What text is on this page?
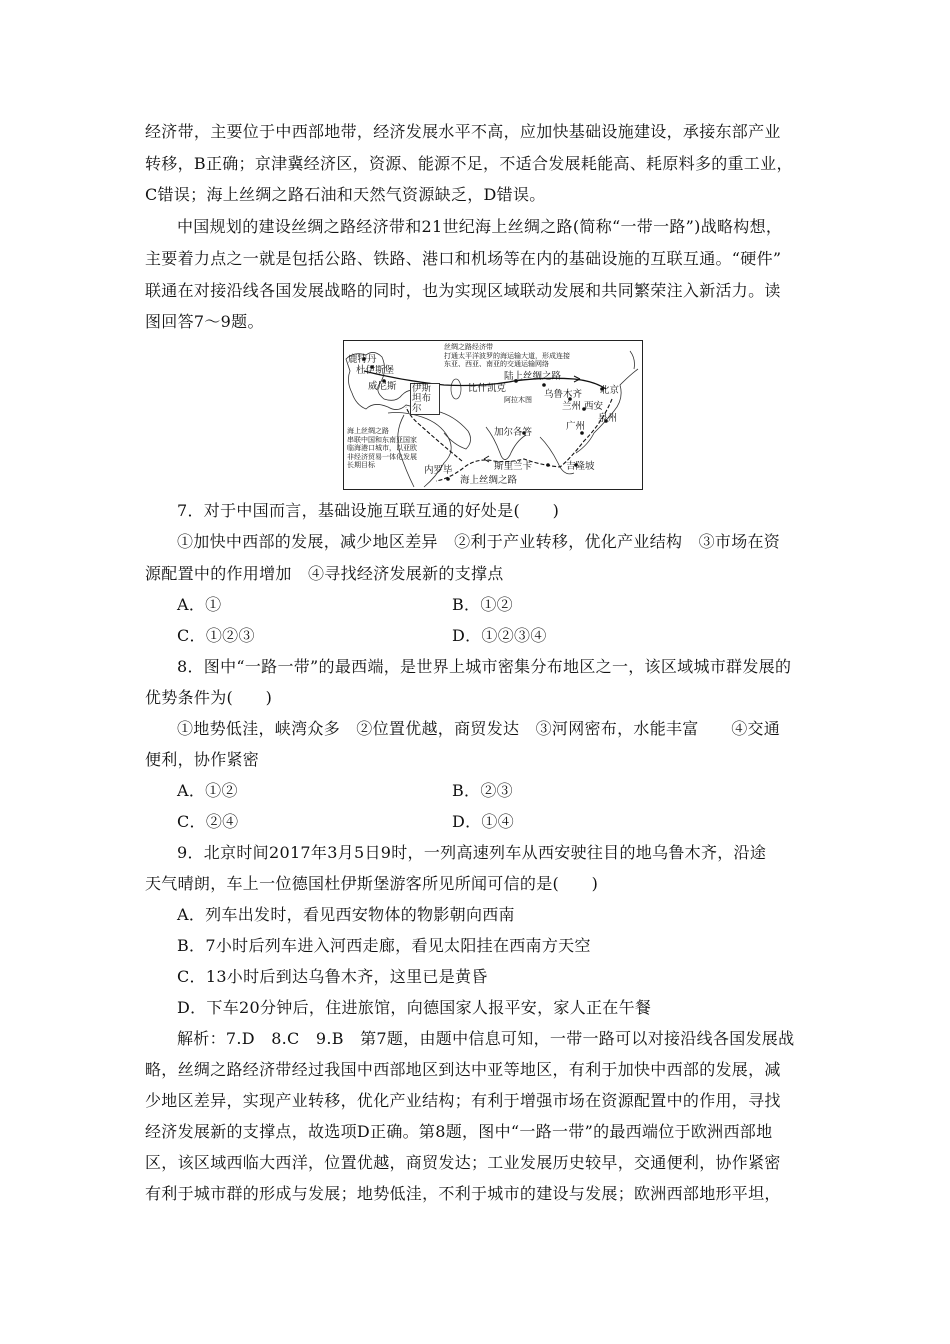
经济带，主要位于中西部地带，经济发展水平不高，应加快基础设施建设，承接东部产业
转移，B正确；京津冀经济区，资源、能源不足，不适合发展耗能高、耗原料多的重工业，
C错误；海上丝绸之路石油和天然气资源缺乏，D错误。
中国规划的建设丝绸之路经济带和21世纪海上丝绸之路(简称“一带一路”)战略构想，
主要着力点之一就是包括公路、铁路、港口和机场等在内的基础设施的互联互通。“硬件”
联通在对接沿线各国发展战略的同时，也为实现区域联动发展和共同繁荣注入新活力。读
图回答7～9题。
鹿特丹
杜伊斯堡
威尼斯 伊斯坦布尔
丝绸之路经济带
打通太平洋波罗的海运输大道，形成连接
东亚、西亚、南亚的交通运输网络
陆上丝绸之路
比什凯克
乌鲁木齐 北京
兰州 西安
泉州
广州
加尔各答
斯里兰卡	吉隆坡
内罗毕
海上丝绸之路
阿拉木图
海上丝绸之路
串联中国和东南亚国家
临海港口城市，以亚欧
非经济贸易一体化发展
长期目标
7．对于中国而言，基础设施互联互通的好处是(　　)
①加快中西部的发展，减少地区差异　②利于产业转移，优化产业结构　③市场在资
源配置中的作用增加　④寻找经济发展新的支撑点
A．①	B．①②
C．①②③	D．①②③④
8．图中“一路一带”的最西端，是世界上城市密集分布地区之一，该区域城市群发展的
优势条件为(　　)
①地势低洼，峡湾众多　②位置优越，商贸发达　③河网密布，水能丰富　　④交通
便利，协作紧密
A．①②	B．②③
C．②④	D．①④
9．北京时间2017年3月5日9时，一列高速列车从西安驶往目的地乌鲁木齐，沿途
天气晴朗，车上一位德国杜伊斯堡游客所见所闻可信的是(　　)
A．列车出发时，看见西安物体的物影朝向西南
B．7小时后列车进入河西走廊，看见太阳挂在西南方天空
C．13小时后到达乌鲁木齐，这里已是黄昏
D．下车20分钟后，住进旅馆，向德国家人报平安，家人正在午餐
解析：7.D　8.C　9.B　第7题，由题中信息可知，一带一路可以对接沿线各国发展战
略，丝绸之路经济带经过我国中西部地区到达中亚等地区，有利于加快中西部的发展，减
少地区差异，实现产业转移，优化产业结构；有利于增强市场在资源配置中的作用，寻找
经济发展新的支撑点，故选项D正确。第8题，图中“一路一带”的最西端位于欧洲西部地
区，该区域西临大西洋，位置优越，商贸发达；工业发展历史较早，交通便利，协作紧密
有利于城市群的形成与发展；地势低洼，不利于城市的建设与发展；欧洲西部地形平坦，
